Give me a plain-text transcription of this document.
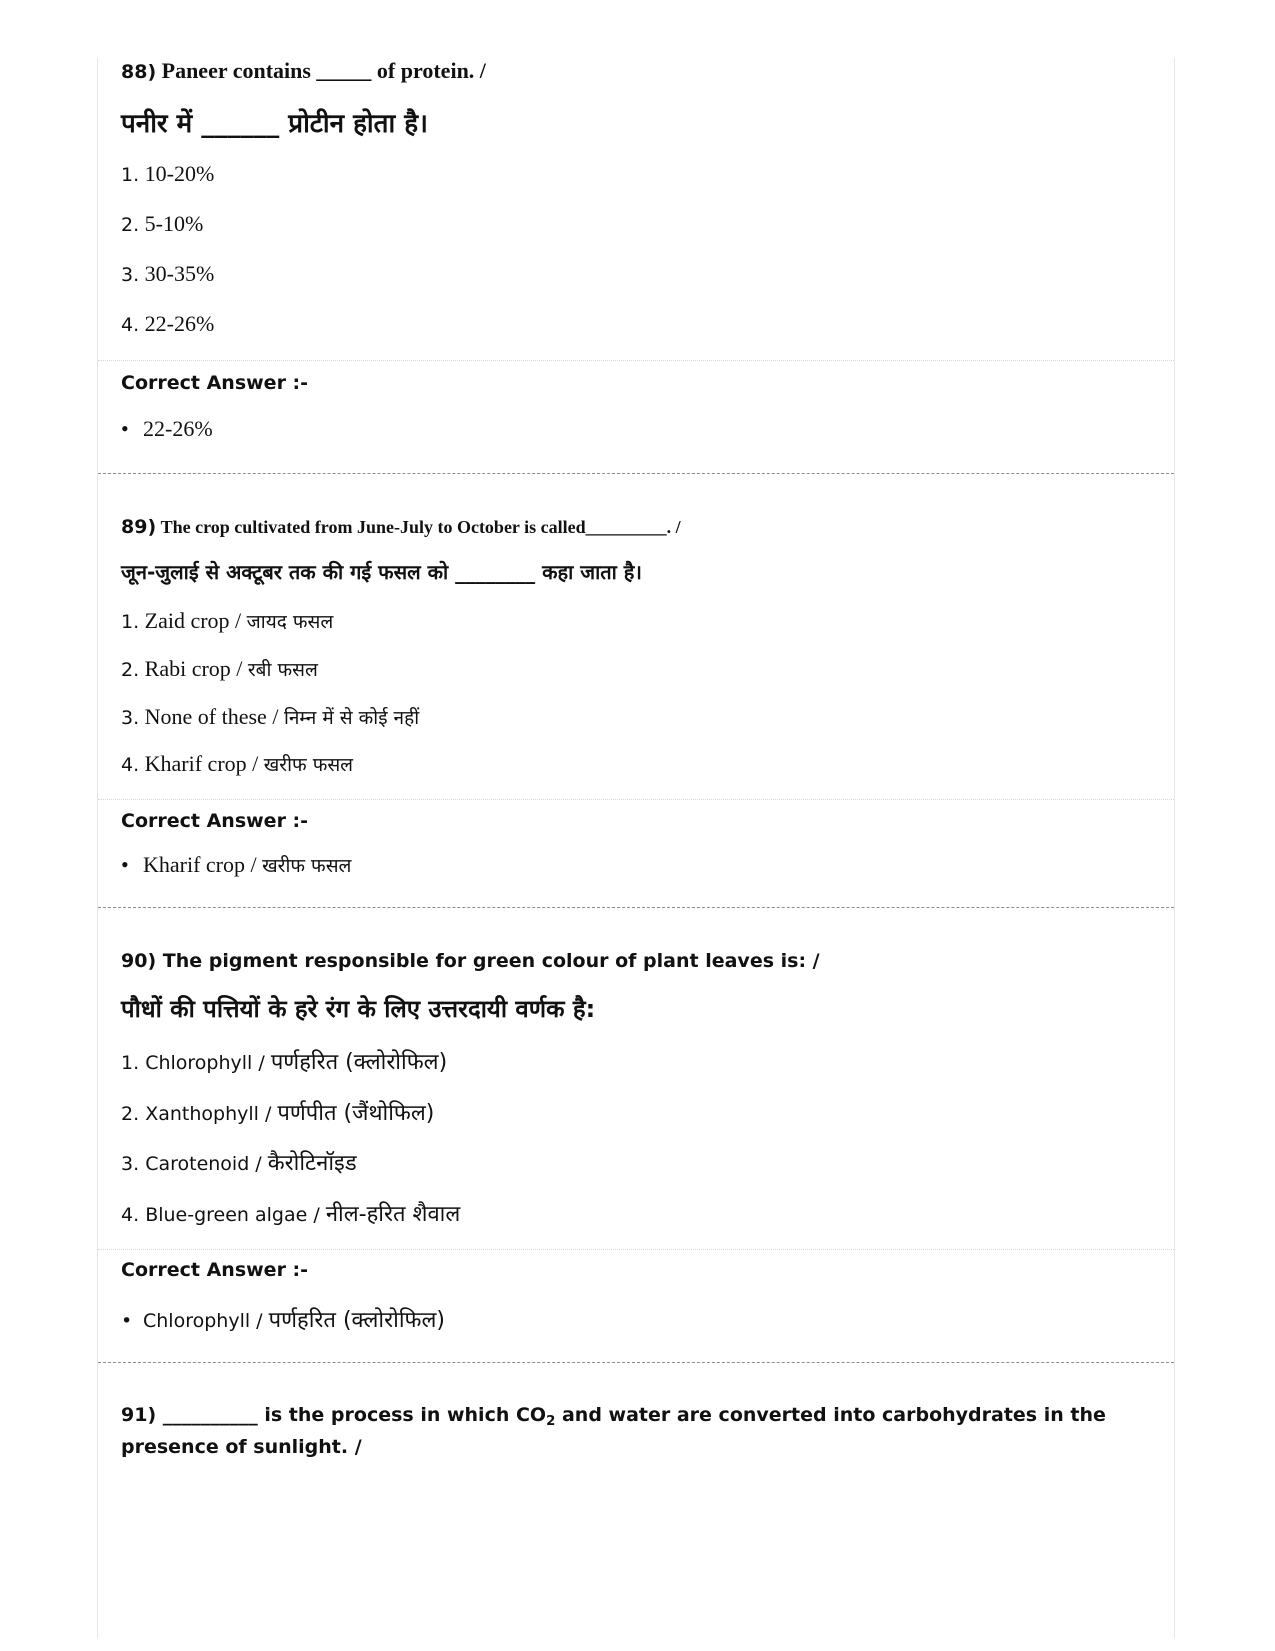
88) Paneer contains _____ of protein. /
पनीर में ______ प्रोटीन होता है।
1. 10-20%
2. 5-10%
3. 30-35%
4. 22-26%
Correct Answer :-
• 22-26%
89) The crop cultivated from June-July to October is called_________. /
जून-जुलाई से अक्टूबर तक की गई फसल को ________ कहा जाता है।
1. Zaid crop / जायद फसल
2. Rabi crop / रबी फसल
3. None of these / निम्न में से कोई नहीं
4. Kharif crop / खरीफ फसल
Correct Answer :-
• Kharif crop / खरीफ फसल
90) The pigment responsible for green colour of plant leaves is: /
पौधों की पत्तियों के हरे रंग के लिए उत्तरदायी वर्णक है:
1. Chlorophyll / पर्णहरित (क्लोरोफिल)
2. Xanthophyll / पर्णपीत (जैंथोफिल)
3. Carotenoid / कैरोटिनॉइड
4. Blue-green algae / नील-हरित शैवाल
Correct Answer :-
• Chlorophyll / पर्णहरित (क्लोरोफिल)
91) __________ is the process in which $CO_2$ and water are converted into carbohydrates in the
presence of sunlight. /
